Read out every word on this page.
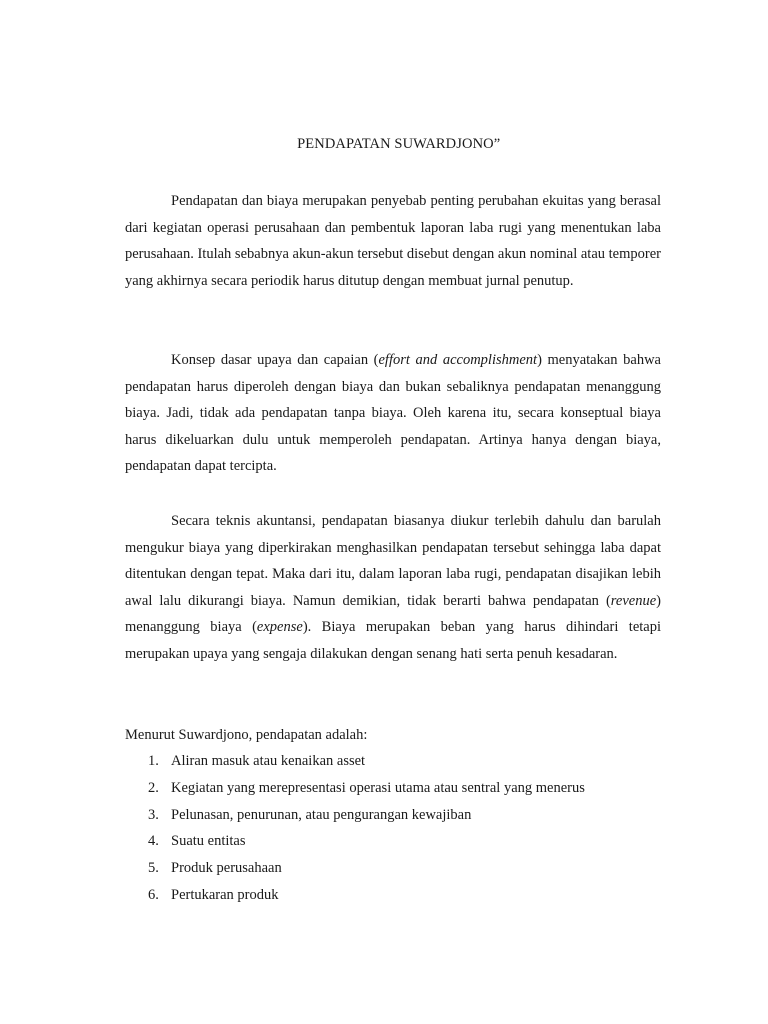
PENDAPATAN SUWARDJONO”

Pendapatan dan biaya merupakan penyebab penting perubahan ekuitas yang berasal dari kegiatan operasi perusahaan dan pembentuk laporan laba rugi yang menentukan laba perusahaan. Itulah sebabnya akun-akun tersebut disebut dengan akun nominal atau temporer yang akhirnya secara periodik harus ditutup dengan membuat jurnal penutup.

Konsep dasar upaya dan capaian (effort and accomplishment) menyatakan bahwa pendapatan harus diperoleh dengan biaya dan bukan sebaliknya pendapatan menanggung biaya. Jadi, tidak ada pendapatan tanpa biaya. Oleh karena itu, secara konseptual biaya harus dikeluarkan dulu untuk memperoleh pendapatan. Artinya hanya dengan biaya, pendapatan dapat tercipta.

Secara teknis akuntansi, pendapatan biasanya diukur terlebih dahulu dan barulah mengukur biaya yang diperkirakan menghasilkan pendapatan tersebut sehingga laba dapat ditentukan dengan tepat. Maka dari itu, dalam laporan laba rugi, pendapatan disajikan lebih awal lalu dikurangi biaya. Namun demikian, tidak berarti bahwa pendapatan (revenue) menanggung biaya (expense). Biaya merupakan beban yang harus dihindari tetapi merupakan upaya yang sengaja dilakukan dengan senang hati serta penuh kesadaran.

Menurut Suwardjono, pendapatan adalah:

1. Aliran masuk atau kenaikan asset
2. Kegiatan yang merepresentasi operasi utama atau sentral yang menerus
3. Pelunasan, penurunan, atau pengurangan kewajiban
4. Suatu entitas
5. Produk perusahaan
6. Pertukaran produk
